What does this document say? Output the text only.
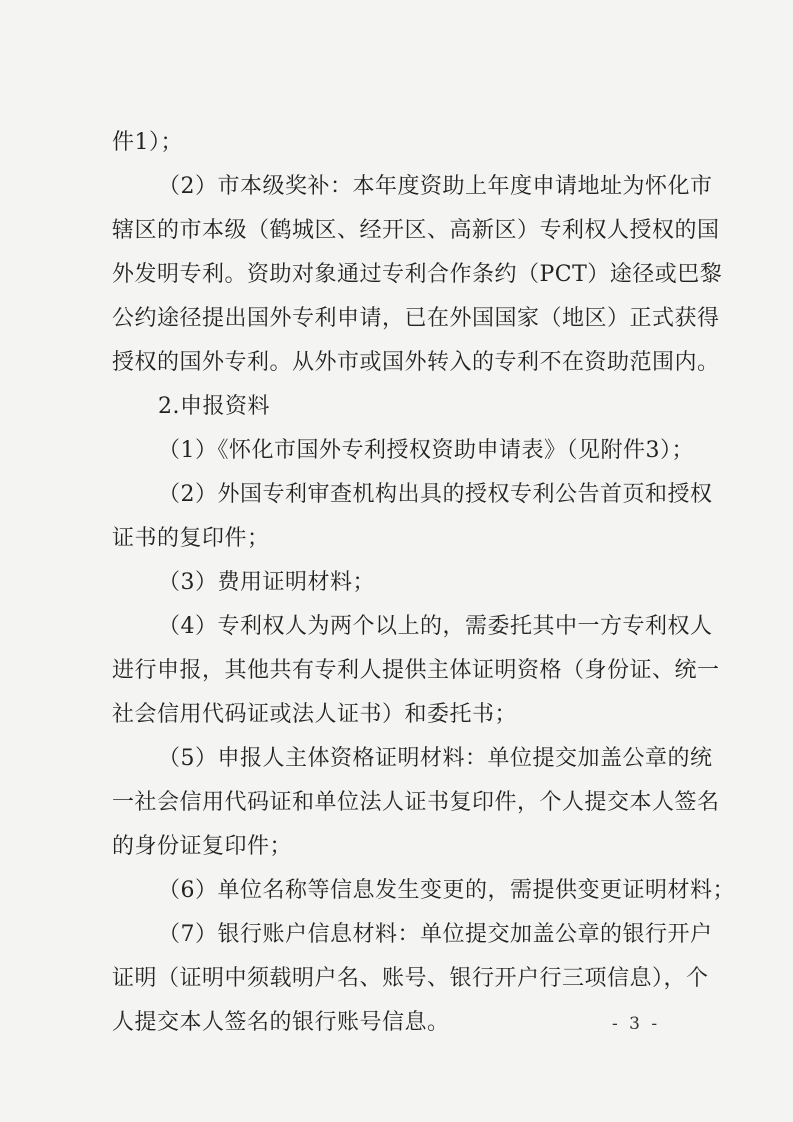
件1）；
（2）市本级奖补：本年度资助上年度申请地址为怀化市
辖区的市本级（鹤城区、经开区、高新区）专利权人授权的国
外发明专利。资助对象通过专利合作条约（PCT）途径或巴黎
公约途径提出国外专利申请，已在外国国家（地区）正式获得
授权的国外专利。从外市或国外转入的专利不在资助范围内。
2.申报资料
（1）《怀化市国外专利授权资助申请表》（见附件3）；
（2）外国专利审查机构出具的授权专利公告首页和授权
证书的复印件；
（3）费用证明材料；
（4）专利权人为两个以上的，需委托其中一方专利权人
进行申报，其他共有专利人提供主体证明资格（身份证、统一
社会信用代码证或法人证书）和委托书；
（5）申报人主体资格证明材料：单位提交加盖公章的统
一社会信用代码证和单位法人证书复印件，个人提交本人签名
的身份证复印件；
（6）单位名称等信息发生变更的，需提供变更证明材料；
（7）银行账户信息材料：单位提交加盖公章的银行开户
证明（证明中须载明户名、账号、银行开户行三项信息），个
人提交本人签名的银行账号信息。	- 3 -
